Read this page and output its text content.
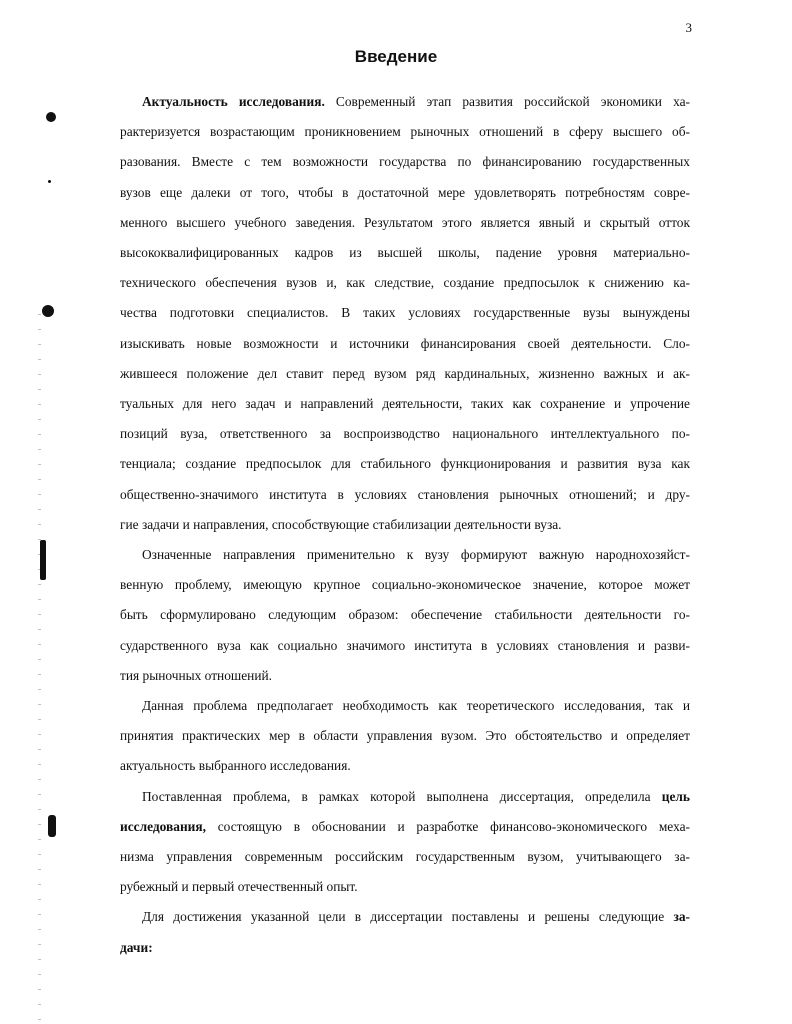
3
Введение
Актуальность исследования. Современный этап развития российской экономики ха-
рактеризуется возрастающим проникновением рыночных отношений в сферу высшего об-
разования. Вместе с тем возможности государства по финансированию государственных
вузов еще далеки от того, чтобы в достаточной мере удовлетворять потребностям совре-
менного высшего учебного заведения. Результатом этого является явный и скрытый отток
высококвалифицированных кадров из высшей школы, падение уровня материально-
технического обеспечения вузов и, как следствие, создание предпосылок к снижению ка-
чества подготовки специалистов. В таких условиях государственные вузы вынуждены
изыскивать новые возможности и источники финансирования своей деятельности. Сло-
жившееся положение дел ставит перед вузом ряд кардинальных, жизненно важных и ак-
туальных для него задач и направлений деятельности, таких как сохранение и упрочение
позиций вуза, ответственного за воспроизводство национального интеллектуального по-
тенциала; создание предпосылок для стабильного функционирования и развития вуза как
общественно-значимого института в условиях становления рыночных отношений; и дру-
гие задачи и направления, способствующие стабилизации деятельности вуза.
Означенные направления применительно к вузу формируют важную народнохозяйст-
венную проблему, имеющую крупное социально-экономическое значение, которое может
быть сформулировано следующим образом: обеспечение стабильности деятельности го-
сударственного вуза как социально значимого института в условиях становления и разви-
тия рыночных отношений.
Данная проблема предполагает необходимость как теоретического исследования, так и
принятия практических мер в области управления вузом. Это обстоятельство и определяет
актуальность выбранного исследования.
Поставленная проблема, в рамках которой выполнена диссертация, определила цель
исследования, состоящую в обосновании и разработке финансово-экономического меха-
низма управления современным российским государственным вузом, учитывающего за-
рубежный и первый отечественный опыт.
Для достижения указанной цели в диссертации поставлены и решены следующие за-
дачи:
